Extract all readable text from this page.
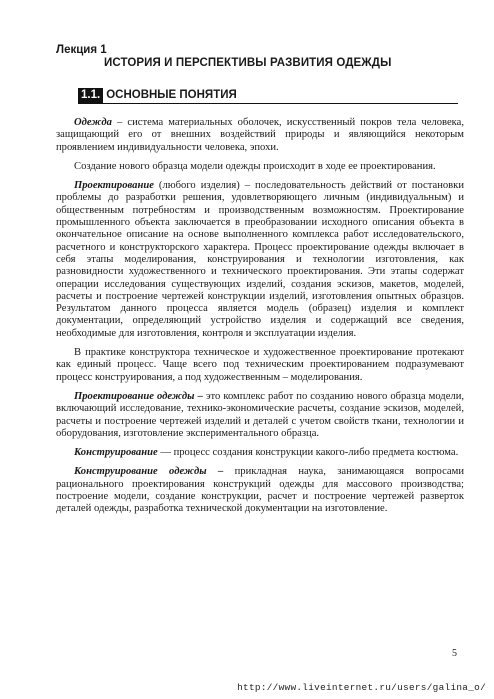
Лекция 1
ИСТОРИЯ И ПЕРСПЕКТИВЫ РАЗВИТИЯ ОДЕЖДЫ
1.1. ОСНОВНЫЕ ПОНЯТИЯ

Одежда – система материальных оболочек, искусственный покров тела человека, защищающий его от внешних воздействий природы и являющийся некоторым проявлением индивидуальности человека, эпохи.

Создание нового образца модели одежды происходит в ходе ее проектирования.

Проектирование (любого изделия) – последовательность действий от постановки проблемы до разработки решения, удовлетворяющего личным (индивидуальным) и общественным потребностям и производственным возможностям. Проектирование промышленного объекта заключается в преобразовании исходного описания объекта в окончательное описание на основе выполненного комплекса работ исследовательского, расчетного и конструкторского характера. Процесс проектирование одежды включает в себя этапы моделирования, конструирования и технологии изготовления, как разновидности художественного и технического проектирования. Эти этапы содержат операции исследования существующих изделий, создания эскизов, макетов, моделей, расчеты и построение чертежей конструкции изделий, изготовления опытных образцов. Результатом данного процесса является модель (образец) изделия и комплект документации, определяющий устройство изделия и содержащий все сведения, необходимые для изготовления, контроля и эксплуатации изделия.

В практике конструктора техническое и художественное проектирование протекают как единый процесс. Чаще всего под техническим проектированием подразумевают процесс конструирования, а под художественным – моделирования.

Проектирование одежды – это комплекс работ по созданию нового образца модели, включающий исследование, технико-экономические расчеты, создание эскизов, моделей, расчеты и построение чертежей изделий и деталей с учетом свойств ткани, технологии и оборудования, изготовление экспериментального образца.

Конструирование — процесс создания конструкции какого-либо предмета костюма.

Конструирование одежды – прикладная наука, занимающаяся вопросами рационального проектирования конструкций одежды для массового производства; построение модели, создание конструкции, расчет и построение чертежей разверток деталей одежды, разработка технической документации на изготовление.

5
http://www.liveinternet.ru/users/galina_o/
